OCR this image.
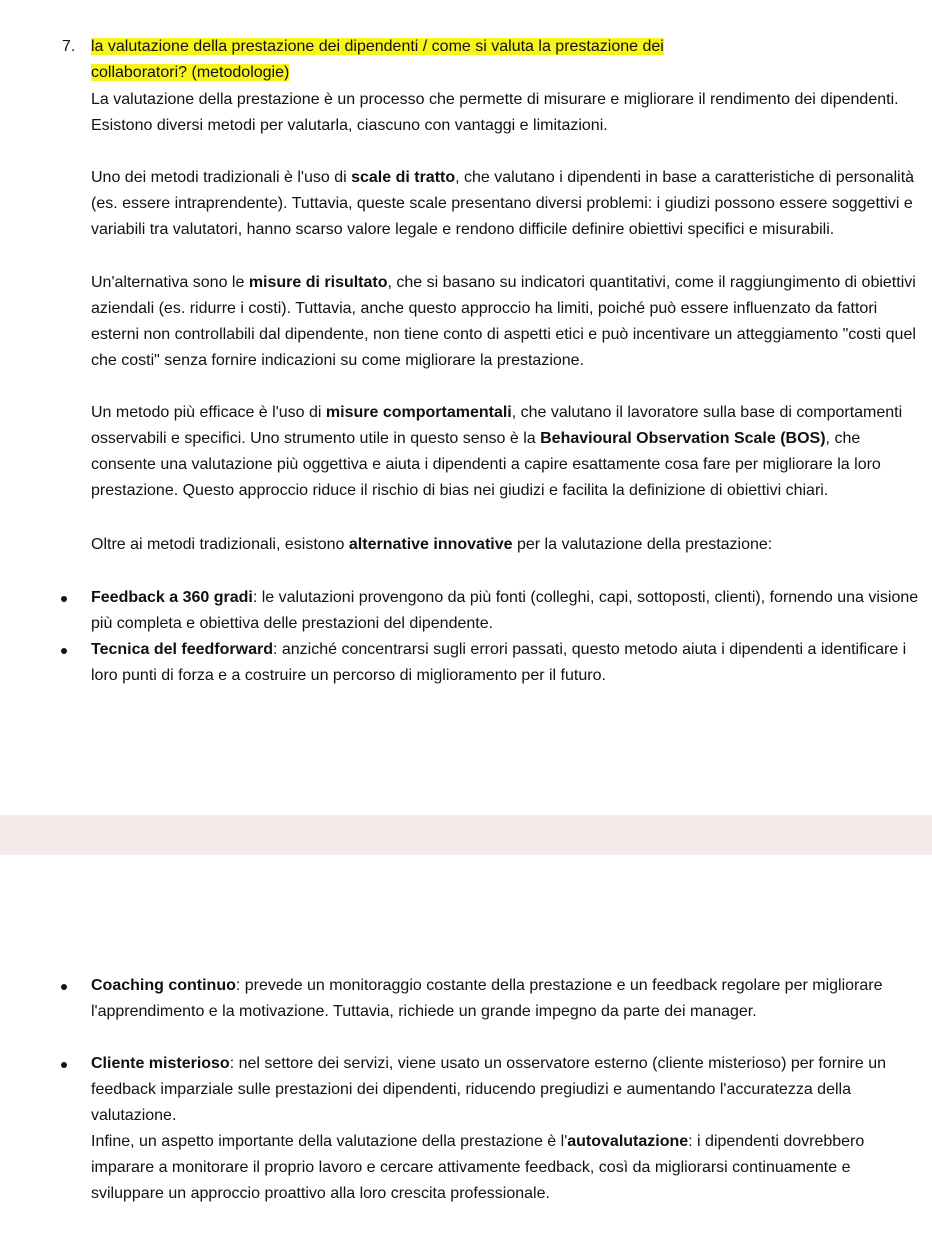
7. la valutazione della prestazione dei dipendenti / come si valuta la prestazione dei
collaboratori? (metodologie)

La valutazione della prestazione è un processo che permette di misurare e migliorare il rendimento dei dipendenti. Esistono diversi metodi per valutarla, ciascuno con vantaggi e limitazioni.

Uno dei metodi tradizionali è l'uso di scale di tratto, che valutano i dipendenti in base a caratteristiche di personalità (es. essere intraprendente). Tuttavia, queste scale presentano diversi problemi: i giudizi possono essere soggettivi e variabili tra valutatori, hanno scarso valore legale e rendono difficile definire obiettivi specifici e misurabili.

Un'alternativa sono le misure di risultato, che si basano su indicatori quantitativi, come il raggiungimento di obiettivi aziendali (es. ridurre i costi). Tuttavia, anche questo approccio ha limiti, poiché può essere influenzato da fattori esterni non controllabili dal dipendente, non tiene conto di aspetti etici e può incentivare un atteggiamento "costi quel che costi" senza fornire indicazioni su come migliorare la prestazione.

Un metodo più efficace è l'uso di misure comportamentali, che valutano il lavoratore sulla base di comportamenti osservabili e specifici. Uno strumento utile in questo senso è la Behavioural Observation Scale (BOS), che consente una valutazione più oggettiva e aiuta i dipendenti a capire esattamente cosa fare per migliorare la loro prestazione. Questo approccio riduce il rischio di bias nei giudizi e facilita la definizione di obiettivi chiari.

Oltre ai metodi tradizionali, esistono alternative innovative per la valutazione della prestazione:

Feedback a 360 gradi: le valutazioni provengono da più fonti (colleghi, capi, sottoposti, clienti), fornendo una visione più completa e obiettiva delle prestazioni del dipendente.

Tecnica del feedforward: anziché concentrarsi sugli errori passati, questo metodo aiuta i dipendenti a identificare i loro punti di forza e a costruire un percorso di miglioramento per il futuro.

Coaching continuo: prevede un monitoraggio costante della prestazione e un feedback regolare per migliorare l'apprendimento e la motivazione. Tuttavia, richiede un grande impegno da parte dei manager.

Cliente misterioso: nel settore dei servizi, viene usato un osservatore esterno (cliente misterioso) per fornire un feedback imparziale sulle prestazioni dei dipendenti, riducendo pregiudizi e aumentando l'accuratezza della valutazione.

Infine, un aspetto importante della valutazione della prestazione è l'autovalutazione: i dipendenti dovrebbero imparare a monitorare il proprio lavoro e cercare attivamente feedback, così da migliorarsi continuamente e sviluppare un approccio proattivo alla loro crescita professionale.
